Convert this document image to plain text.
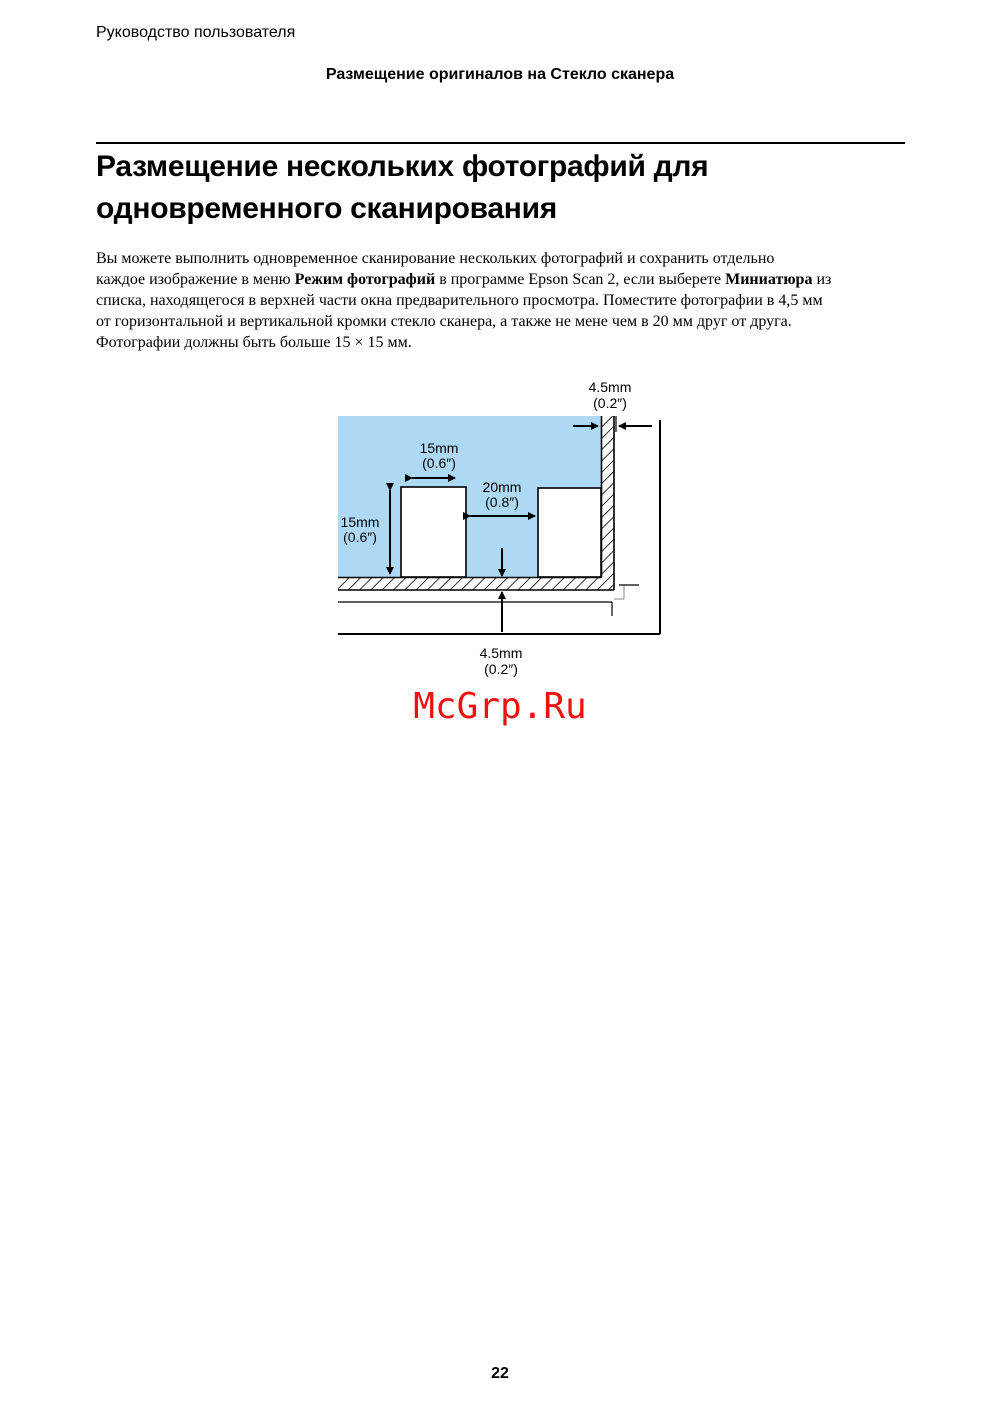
Руководство пользователя
Размещение оригиналов на Стекло сканера
Размещение нескольких фотографий для
одновременного сканирования

Вы можете выполнить одновременное сканирование нескольких фотографий и сохранить отдельно
каждое изображение в меню Режим фотографий в программе Epson Scan 2, если выберете Миниатюра из
списка, находящегося в верхней части окна предварительного просмотра. Поместите фотографии в 4,5 мм
от горизонтальной и вертикальной кромки стекло сканера, а также не мене чем в 20 мм друг от друга.
Фотографии должны быть больше 15 × 15 мм.

15mm
(0.6″)
20mm
(0.8″)
15mm
(0.6″)
4.5mm
(0.2″)
4.5mm
(0.2″)
McGrp.Ru
22
